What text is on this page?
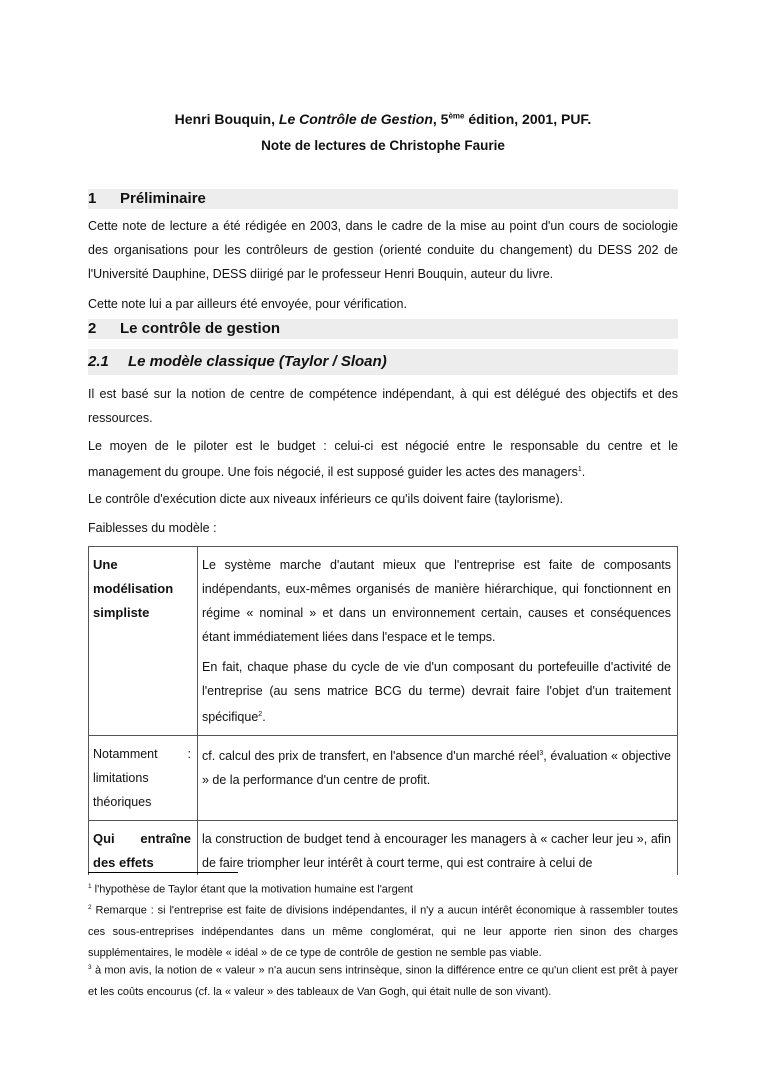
Henri Bouquin, Le Contrôle de Gestion, 5ème édition, 2001, PUF.
Note de lectures de Christophe Faurie
1 Préliminaire
Cette note de lecture a été rédigée en 2003, dans le cadre de la mise au point d'un cours de sociologie des organisations pour les contrôleurs de gestion (orienté conduite du changement) du DESS 202 de l'Université Dauphine, DESS diirigé par le professeur Henri Bouquin, auteur du livre.
Cette note lui a par ailleurs été envoyée, pour vérification.
2 Le contrôle de gestion
2.1 Le modèle classique (Taylor / Sloan)
Il est basé sur la notion de centre de compétence indépendant, à qui est délégué des objectifs et des ressources.
Le moyen de le piloter est le budget : celui-ci est négocié entre le responsable du centre et le management du groupe. Une fois négocié, il est supposé guider les actes des managers$^1$.
Le contrôle d'exécution dicte aux niveaux inférieurs ce qu'ils doivent faire (taylorisme).
Faiblesses du modèle :
Une modélisation simpliste	Le système marche d'autant mieux que l'entreprise est faite de composants indépendants, eux-mêmes organisés de manière hiérarchique, qui fonctionnent en régime « nominal » et dans un environnement certain, causes et conséquences étant immédiatement liées dans l'espace et le temps.

En fait, chaque phase du cycle de vie d'un composant du portefeuille d'activité de l'entreprise (au sens matrice BCG du terme) devrait faire l'objet d'un traitement spécifique$^2$.

Notamment : limitations théoriques	cf. calcul des prix de transfert, en l'absence d'un marché réel$^3$, évaluation « objective » de la performance d'un centre de profit.
Qui entraîne des effets	la construction de budget tend à encourager les managers à « cacher leur jeu », afin de faire triompher leur intérêt à court terme, qui est contraire à celui de
$^1$ l'hypothèse de Taylor étant que la motivation humaine est l'argent
$^2$ Remarque : si l'entreprise est faite de divisions indépendantes, il n'y a aucun intérêt économique à rassembler toutes ces sous-entreprises indépendantes dans un même conglomérat, qui ne leur apporte rien sinon des charges supplémentaires, le modèle « idéal » de ce type de contrôle de gestion ne semble pas viable.
$^3$ à mon avis, la notion de « valeur » n'a aucun sens intrinsèque, sinon la différence entre ce qu'un client est prêt à payer et les coûts encourus (cf. la « valeur » des tableaux de Van Gogh, qui était nulle de son vivant).
